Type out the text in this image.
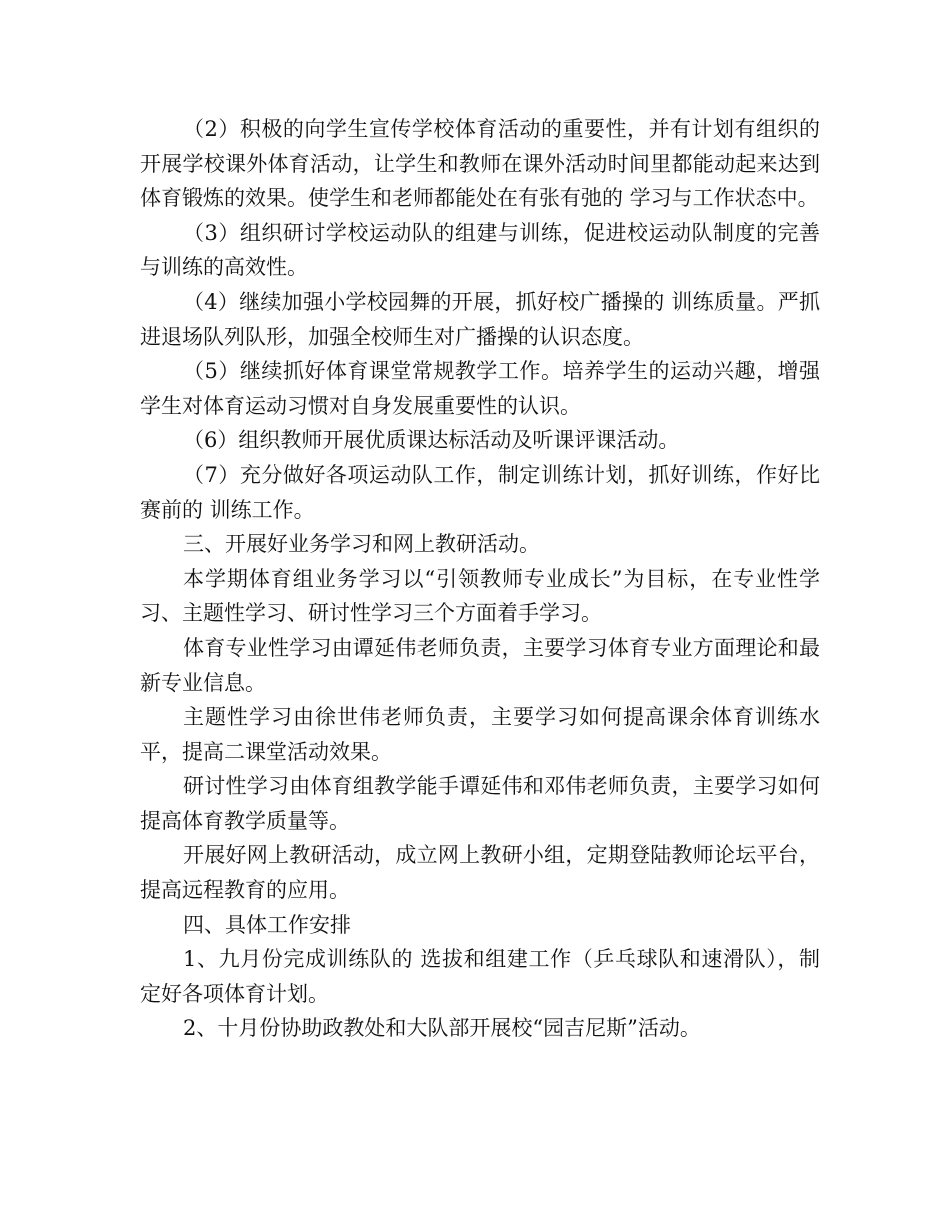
（2）积极的向学生宣传学校体育活动的重要性，并有计划有组织的开展学校课外体育活动，让学生和教师在课外活动时间里都能动起来达到体育锻炼的效果。使学生和老师都能处在有张有弛的 学习与工作状态中。

（3）组织研讨学校运动队的组建与训练，促进校运动队制度的完善与训练的高效性。

（4）继续加强小学校园舞的开展，抓好校广播操的 训练质量。严抓进退场队列队形，加强全校师生对广播操的认识态度。

（5）继续抓好体育课堂常规教学工作。培养学生的运动兴趣，增强学生对体育运动习惯对自身发展重要性的认识。

（6）组织教师开展优质课达标活动及听课评课活动。

（7）充分做好各项运动队工作，制定训练计划，抓好训练，作好比赛前的 训练工作。

三、开展好业务学习和网上教研活动。

本学期体育组业务学习以“引领教师专业成长”为目标，在专业性学习、主题性学习、研讨性学习三个方面着手学习。

体育专业性学习由谭延伟老师负责，主要学习体育专业方面理论和最新专业信息。

主题性学习由徐世伟老师负责，主要学习如何提高课余体育训练水平，提高二课堂活动效果。

研讨性学习由体育组教学能手谭延伟和邓伟老师负责，主要学习如何提高体育教学质量等。

开展好网上教研活动，成立网上教研小组，定期登陆教师论坛平台，提高远程教育的应用。

四、具体工作安排

1、九月份完成训练队的 选拔和组建工作（乒乓球队和速滑队），制定好各项体育计划。

2、十月份协助政教处和大队部开展校“园吉尼斯”活动。
